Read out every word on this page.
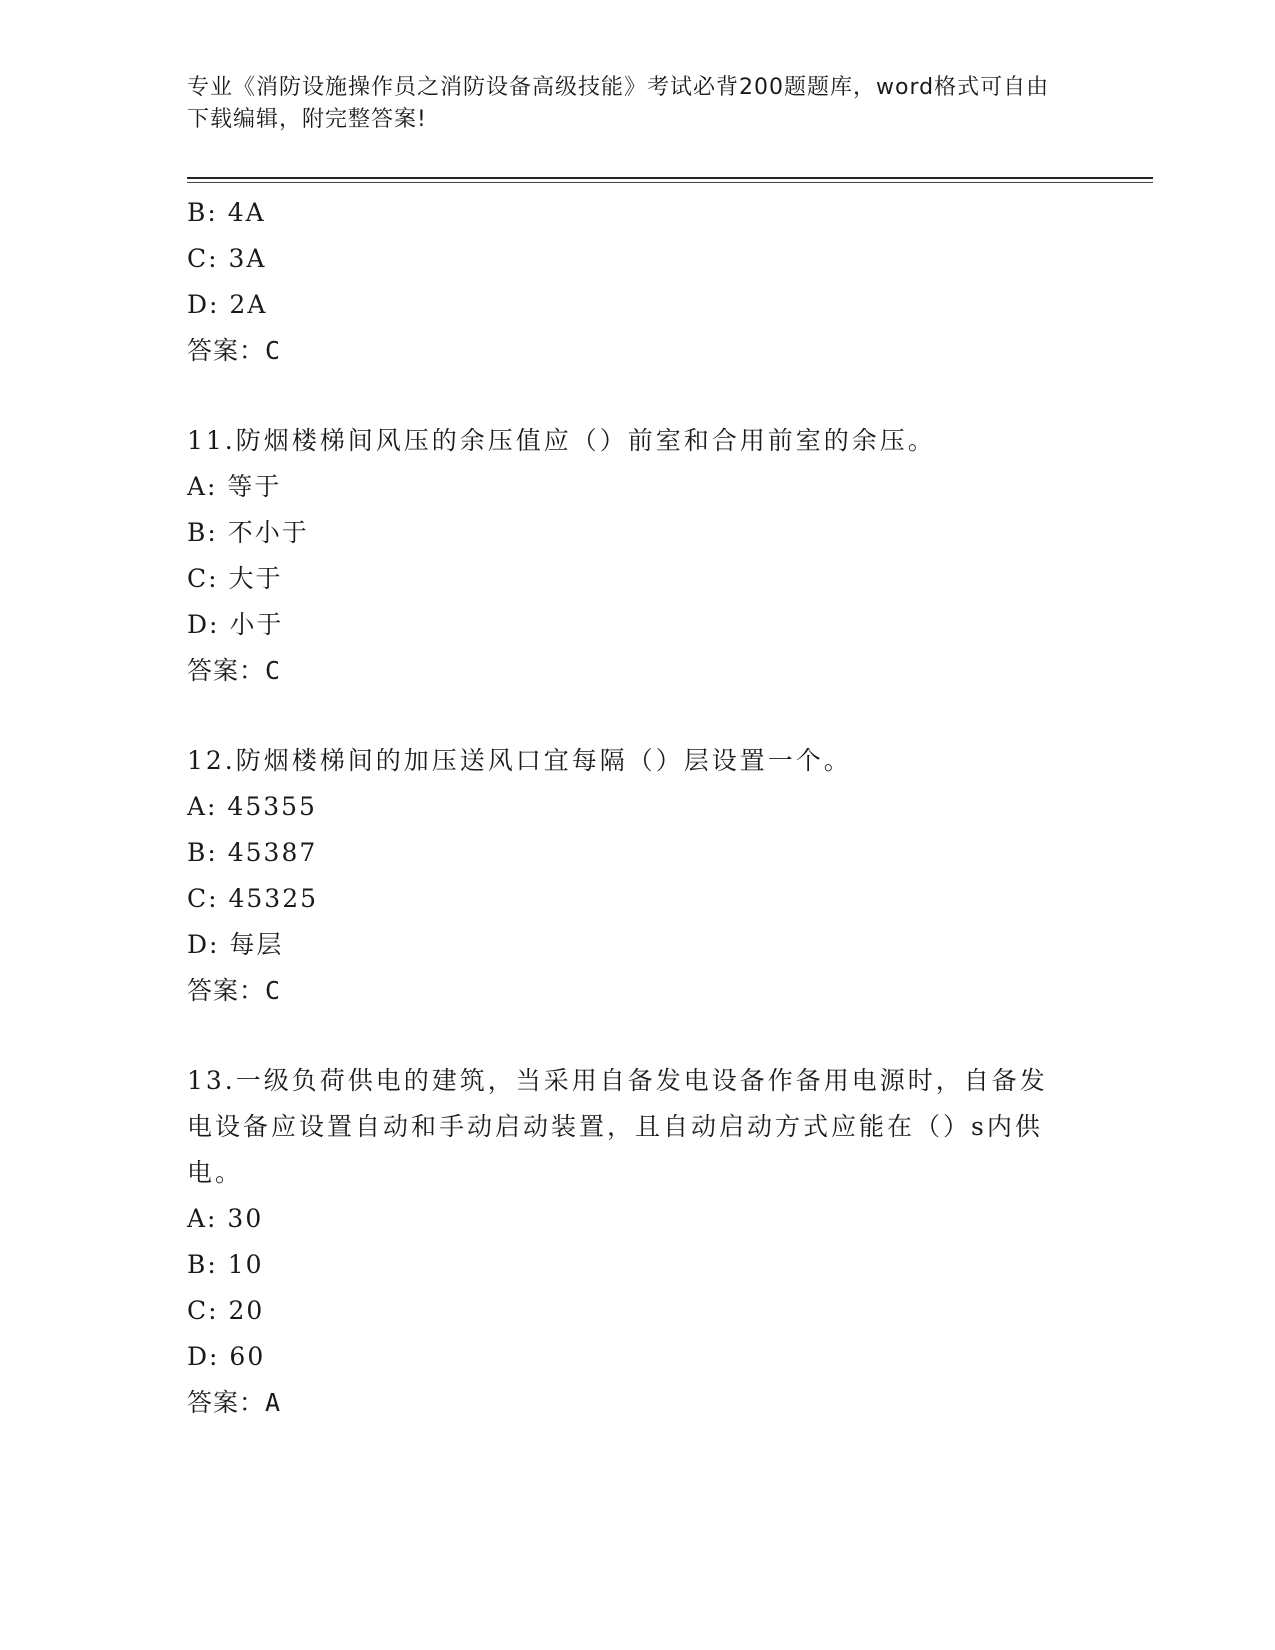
专业《消防设施操作员之消防设备高级技能》考试必背200题题库，word格式可自由下载编辑，附完整答案!
B: 4A
C: 3A
D: 2A
答案：C
11.防烟楼梯间风压的余压值应（）前室和合用前室的余压。
A: 等于
B: 不小于
C: 大于
D: 小于
答案：C
12.防烟楼梯间的加压送风口宜每隔（）层设置一个。
A: 45355
B: 45387
C: 45325
D: 每层
答案：C
13.一级负荷供电的建筑，当采用自备发电设备作备用电源时，自备发电设备应设置自动和手动启动装置，且自动启动方式应能在（）s内供电。
A: 30
B: 10
C: 20
D: 60
答案：A
